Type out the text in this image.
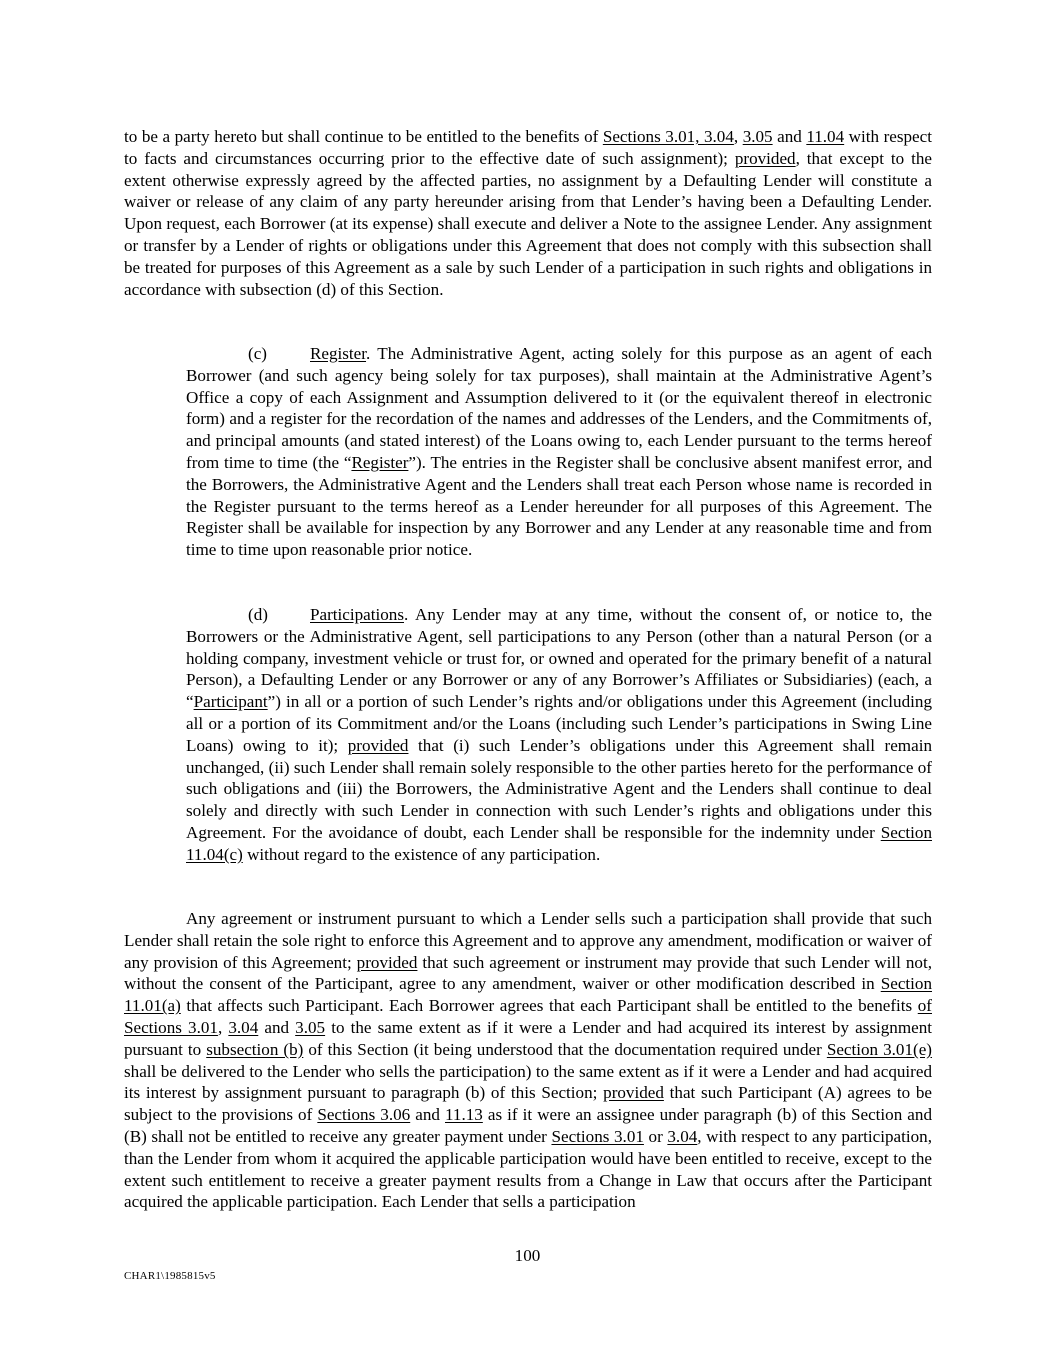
to be a party hereto but shall continue to be entitled to the benefits of Sections 3.01, 3.04, 3.05 and 11.04 with respect to facts and circumstances occurring prior to the effective date of such assignment); provided, that except to the extent otherwise expressly agreed by the affected parties, no assignment by a Defaulting Lender will constitute a waiver or release of any claim of any party hereunder arising from that Lender’s having been a Defaulting Lender. Upon request, each Borrower (at its expense) shall execute and deliver a Note to the assignee Lender. Any assignment or transfer by a Lender of rights or obligations under this Agreement that does not comply with this subsection shall be treated for purposes of this Agreement as a sale by such Lender of a participation in such rights and obligations in accordance with subsection (d) of this Section.

(c)	Register. The Administrative Agent, acting solely for this purpose as an agent of each Borrower (and such agency being solely for tax purposes), shall maintain at the Administrative Agent’s Office a copy of each Assignment and Assumption delivered to it (or the equivalent thereof in electronic form) and a register for the recordation of the names and addresses of the Lenders, and the Commitments of, and principal amounts (and stated interest) of the Loans owing to, each Lender pursuant to the terms hereof from time to time (the “Register”). The entries in the Register shall be conclusive absent manifest error, and the Borrowers, the Administrative Agent and the Lenders shall treat each Person whose name is recorded in the Register pursuant to the terms hereof as a Lender hereunder for all purposes of this Agreement. The Register shall be available for inspection by any Borrower and any Lender at any reasonable time and from time to time upon reasonable prior notice.

(d) Participations. Any Lender may at any time, without the consent of, or notice to, the Borrowers or the Administrative Agent, sell participations to any Person (other than a natural Person (or a holding company, investment vehicle or trust for, or owned and operated for the primary benefit of a natural Person), a Defaulting Lender or any Borrower or any of any Borrower’s Affiliates or Subsidiaries) (each, a “Participant”) in all or a portion of such Lender’s rights and/or obligations under this Agreement (including all or a portion of its Commitment and/or the Loans (including such Lender’s participations in Swing Line Loans) owing to it); provided that (i) such Lender’s obligations under this Agreement shall remain unchanged, (ii) such Lender shall remain solely responsible to the other parties hereto for the performance of such obligations and (iii) the Borrowers, the Administrative Agent and the Lenders shall continue to deal solely and directly with such Lender in connection with such Lender’s rights and obligations under this Agreement. For the avoidance of doubt, each Lender shall be responsible for the indemnity under Section 11.04(c) without regard to the existence of any participation.

Any agreement or instrument pursuant to which a Lender sells such a participation shall provide that such Lender shall retain the sole right to enforce this Agreement and to approve any amendment, modification or waiver of any provision of this Agreement; provided that such agreement or instrument may provide that such Lender will not, without the consent of the Participant, agree to any amendment, waiver or other modification described in Section 11.01(a) that affects such Participant. Each Borrower agrees that each Participant shall be entitled to the benefits of Sections 3.01, 3.04 and 3.05 to the same extent as if it were a Lender and had acquired its interest by assignment pursuant to subsection (b) of this Section (it being understood that the documentation required under Section 3.01(e) shall be delivered to the Lender who sells the participation) to the same extent as if it were a Lender and had acquired its interest by assignment pursuant to paragraph (b) of this Section; provided that such Participant (A) agrees to be subject to the provisions of Sections 3.06 and 11.13 as if it were an assignee under paragraph (b) of this Section and (B) shall not be entitled to receive any greater payment under Sections 3.01 or 3.04, with respect to any participation, than the Lender from whom it acquired the applicable participation would have been entitled to receive, except to the extent such entitlement to receive a greater payment results from a Change in Law that occurs after the Participant acquired the applicable participation. Each Lender that sells a participation

100
CHAR1\1985815v5
